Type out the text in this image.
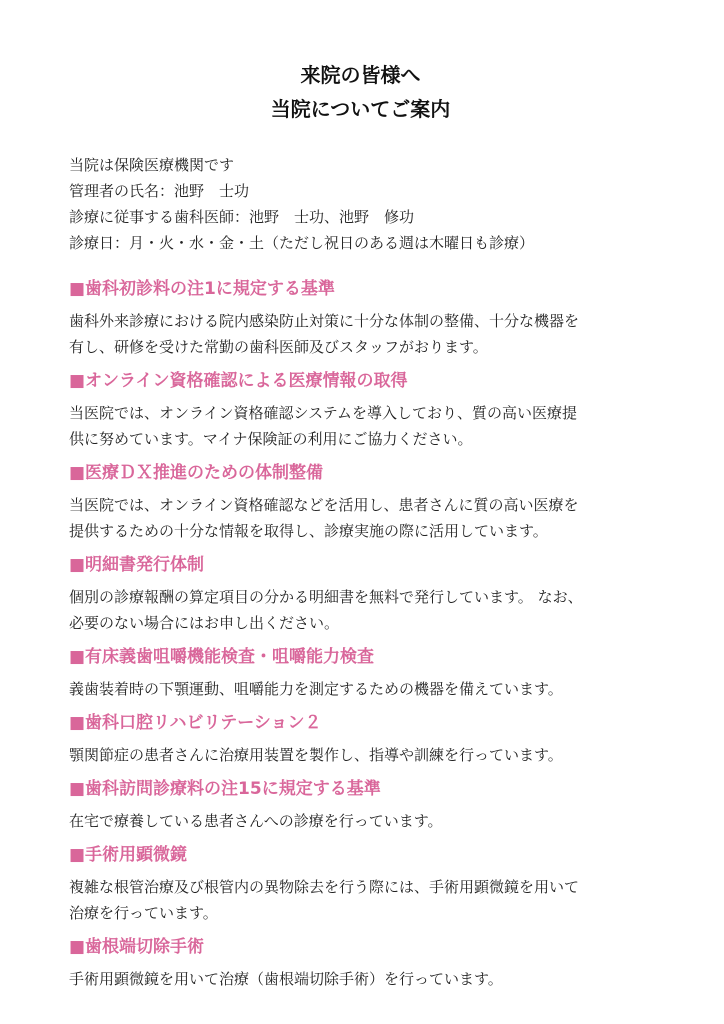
来院の皆様へ
当院についてご案内
当院は保険医療機関です
管理者の氏名：池野　士功
診療に従事する歯科医師：池野　士功、池野　修功
診療日：月・火・水・金・土（ただし祝日のある週は木曜日も診療）
■歯科初診料の注1に規定する基準
歯科外来診療における院内感染防止対策に十分な体制の整備、十分な機器を
有し、研修を受けた常勤の歯科医師及びスタッフがおります。
■オンライン資格確認による医療情報の取得
当医院では、オンライン資格確認システムを導入しており、質の高い医療提
供に努めています。マイナ保険証の利用にご協力ください。
■医療ＤＸ推進のための体制整備
当医院では、オンライン資格確認などを活用し、患者さんに質の高い医療を
提供するための十分な情報を取得し、診療実施の際に活用しています。
■明細書発行体制
個別の診療報酬の算定項目の分かる明細書を無料で発行しています。 なお、
必要のない場合にはお申し出ください。
■有床義歯咀嚼機能検査・咀嚼能力検査
義歯装着時の下顎運動、咀嚼能力を測定するための機器を備えています。
■歯科口腔リハビリテーション２
顎関節症の患者さんに治療用装置を製作し、指導や訓練を行っています。
■歯科訪問診療料の注15に規定する基準
在宅で療養している患者さんへの診療を行っています。
■手術用顕微鏡
複雑な根管治療及び根管内の異物除去を行う際には、手術用顕微鏡を用いて
治療を行っています。
■歯根端切除手術
手術用顕微鏡を用いて治療（歯根端切除手術）を行っています。
